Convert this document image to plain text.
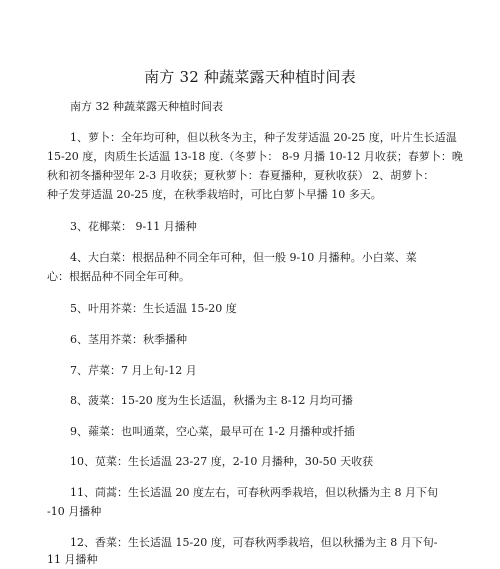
南方 32 种蔬菜露天种植时间表
南方 32 种蔬菜露天种植时间表
1、萝卜：全年均可种，但以秋冬为主，种子发芽适温 20-25 度，叶片生长适温
15-20 度，肉质生长适温 13-18 度.（冬萝卜： 8-9 月播 10-12 月收获；春萝卜：晚
秋和初冬播种翌年 2-3 月收获；夏秋萝卜：春夏播种，夏秋收获） 2、胡萝卜：
种子发芽适温 20-25 度，在秋季栽培时，可比白萝卜早播 10 多天。
3、花椰菜： 9-11 月播种
4、大白菜：根据品种不同全年可种，但一般 9-10 月播种。小白菜、菜
心：根据品种不同全年可种。
5、叶用芥菜：生长适温 15-20 度
6、茎用芥菜：秋季播种
7、芹菜：7 月上旬-12 月
8、菠菜：15-20 度为生长适温，秋播为主 8-12 月均可播
9、蕹菜：也叫通菜，空心菜，最早可在 1-2 月播种或扦插
10、苋菜：生长适温 23-27 度，2-10 月播种，30-50 天收获
11、茼蒿：生长适温 20 度左右，可春秋两季栽培，但以秋播为主 8 月下旬
-10 月播种
12、香菜：生长适温 15-20 度，可春秋两季栽培，但以秋播为主 8 月下旬-
11 月播种
